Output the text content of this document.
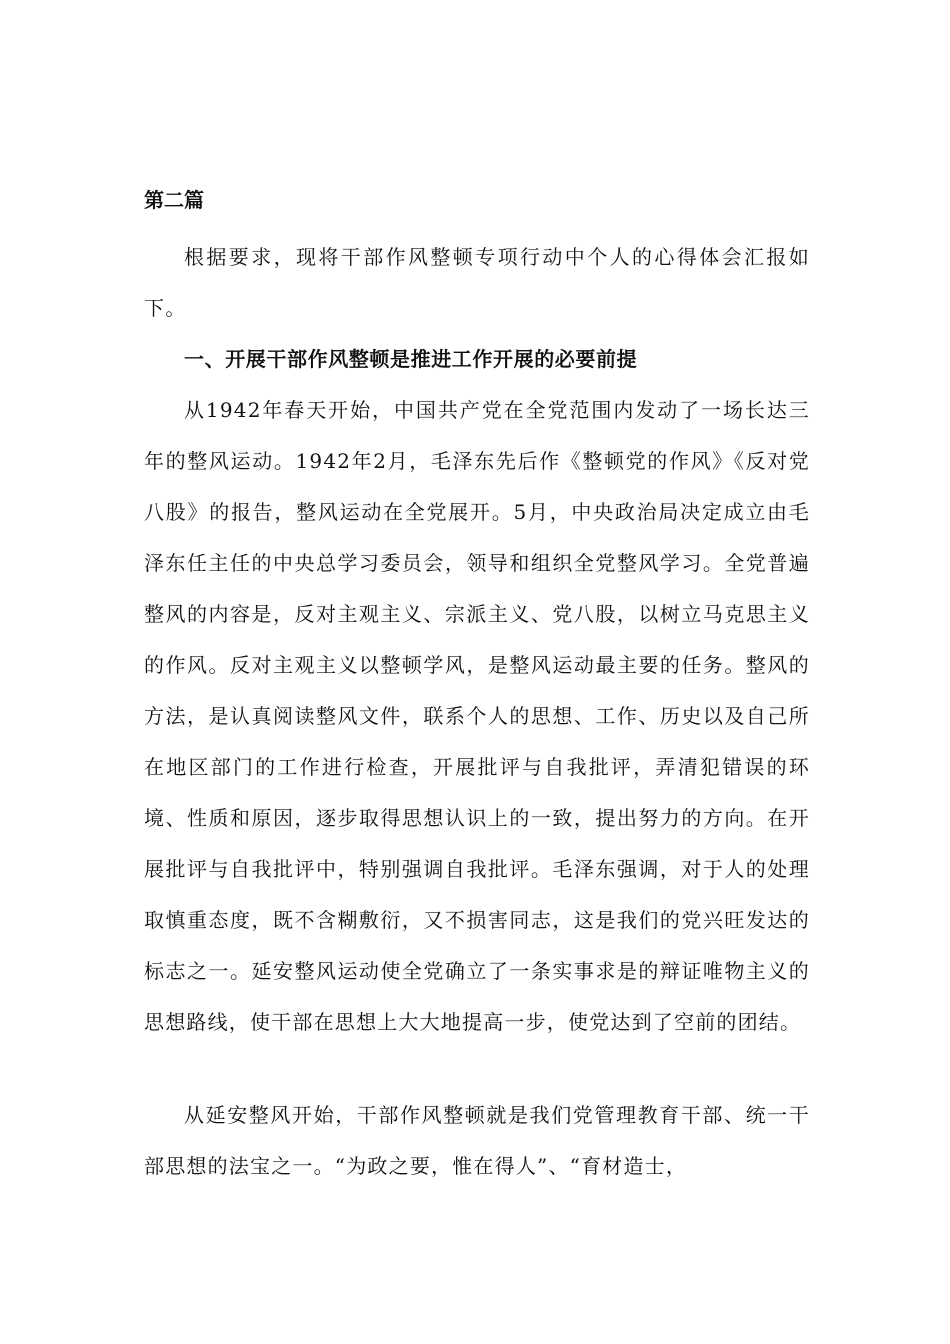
第二篇

根据要求，现将干部作风整顿专项行动中个人的心得体会汇报如下。

一、开展干部作风整顿是推进工作开展的必要前提

从1942年春天开始，中国共产党在全党范围内发动了一场长达三年的整风运动。1942年2月，毛泽东先后作《整顿党的作风》《反对党八股》的报告，整风运动在全党展开。5月，中央政治局决定成立由毛泽东任主任的中央总学习委员会，领导和组织全党整风学习。全党普遍整风的内容是，反对主观主义、宗派主义、党八股，以树立马克思主义的作风。反对主观主义以整顿学风，是整风运动最主要的任务。整风的方法，是认真阅读整风文件，联系个人的思想、工作、历史以及自己所在地区部门的工作进行检查，开展批评与自我批评，弄清犯错误的环境、性质和原因，逐步取得思想认识上的一致，提出努力的方向。在开展批评与自我批评中，特别强调自我批评。毛泽东强调，对于人的处理取慎重态度，既不含糊敷衍，又不损害同志，这是我们的党兴旺发达的标志之一。延安整风运动使全党确立了一条实事求是的辩证唯物主义的思想路线，使干部在思想上大大地提高一步，使党达到了空前的团结。

从延安整风开始，干部作风整顿就是我们党管理教育干部、统一干部思想的法宝之一。“为政之要，惟在得人”、“育材造士，
